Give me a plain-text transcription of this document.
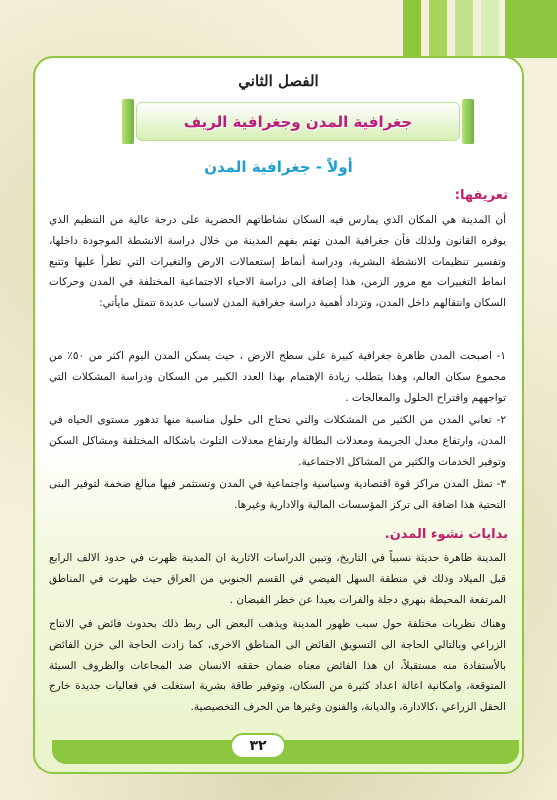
الفصل الثاني
جغرافية المدن وجغرافية الريف
أولاً - جغرافية المدن
تعريفها:
أن المدينة هي المكان الذي يمارس فيه السكان نشاطاتهم الحضرية على درجة عالية من التنظيم الذي يوفره القانون ولذلك فأن جغرافية المدن تهتم بفهم المدينة من خلال دراسة الانشطة الموجودة داخلها، وتفسير تنظيمات الانشطة البشرية، ودراسة أنماط إستعمالات الارض والتغيرات التي تطرأ عليها وتتبع انماط التغييرات مع مرور الزمن، هذا إضافة الى دراسة الاحياء الاجتماعية المختلفة في المدن وحركات السكان وانتقالهم داخل المدن، وتزداد أهمية دراسة جغرافية المدن لاسباب عديدة تتمثل مايأتي:
١- اصبحت المدن ظاهرة جغرافية كبيرة على سطح الارض ، حيث يسكن المدن اليوم اكثر من ٥٠٪ من مجموع سكان العالم، وهذا يتطلب زيادة الإهتمام بهذا العدد الكبير من السكان ودراسة المشكلات التي تواجههم واقتراح الحلول والمعالجات .
٢- تعاني المدن من الكثير من المشكلات والتي تحتاج الى حلول مناسبة منها تدهور مستوى الحياه في المدن، وارتفاع معدل الجريمة ومعدلات البطالة وارتفاع معدلات التلوث باشكاله المختلفة ومشاكل السكن وتوفير الخدمات والكثير من المشاكل الاجتماعية.
٣- تمثل المدن مراكز قوة اقتصادية وسياسية واجتماعية في المدن وتستثمر فيها مبالغ ضخمة لتوفير البنى التحتية هذا اضافة الى تركز المؤسسات المالية والادارية وغيرها.
بدايات نشوء المدن.
المدينة ظاهرة حديثة نسبياً في التاريخ، وتبين الدراسات الاثارية ان المدينة ظهرت في حدود الالف الرابع قبل الميلاد وذلك في منطقة السهل الفيضي في القسم الجنوبي من العراق حيث ظهرت في المناطق المرتفعة المحيطة بنهري دجلة والفرات بعيدا عن خطر الفيضان .
وهناك نظريات مختلفة حول سبب ظهور المدينة ويذهب البعض الى ربط ذلك بحدوث فائض في الانتاج الزراعي وبالتالي الحاجة الى التسويق الفائض الى المناطق الاخرى، كما زادت الحاجة الى خزن الفائض بالأستفادة منه مستقبلاً، ان هذا الفائض معناه ضمان حققه الانسان ضد المجاعات والظروف السيئة المتوقعة، وامكانية اعالة اعداد كثيرة من السكان، وتوفير طاقة بشرية استغلت في فعاليات جديدة خارج الحقل الزراعي ،كالادارة، والديانة، والفنون وغيرها من الحرف التخصيصية.
٣٢
